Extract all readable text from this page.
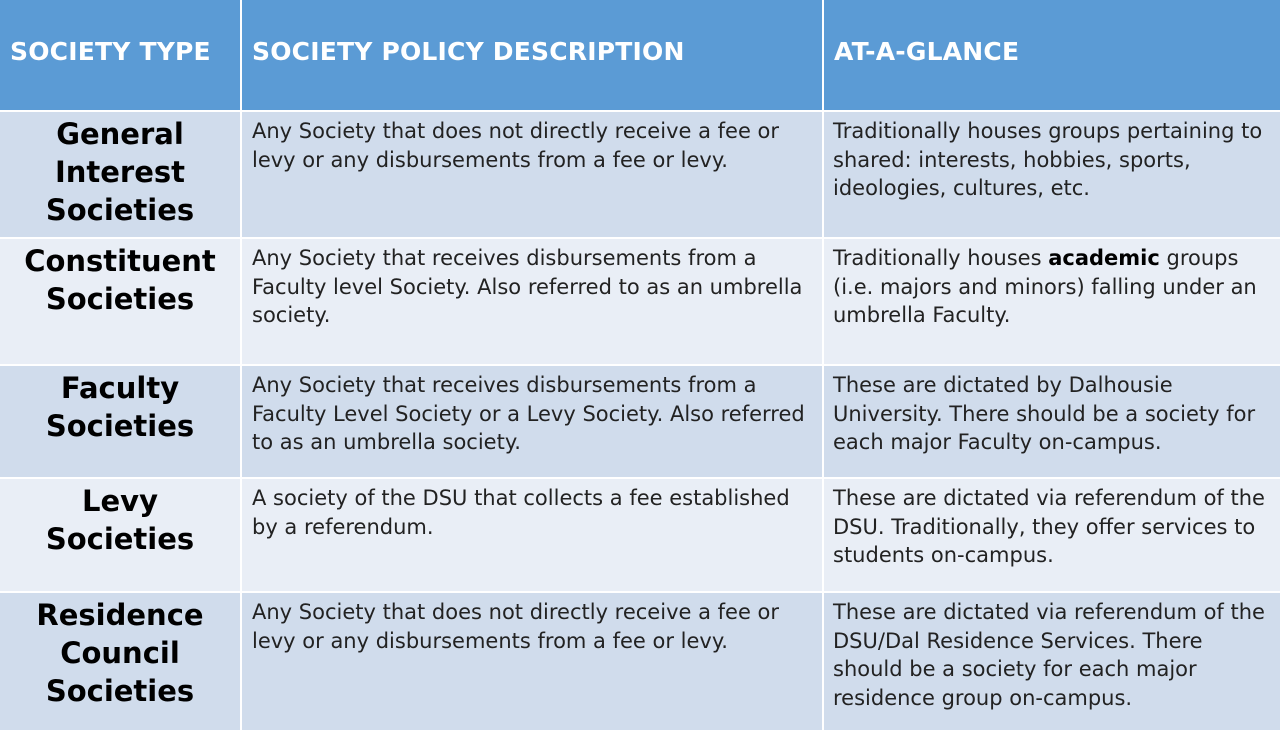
SOCIETY TYPE	SOCIETY POLICY DESCRIPTION	AT-A-GLANCE
General Interest Societies
Any Society that does not directly receive a fee or levy or any disbursements from a fee or levy.
Traditionally houses groups pertaining to shared: interests, hobbies, sports, ideologies, cultures, etc.
Constituent Societies
Any Society that receives disbursements from a Faculty level Society. Also referred to as an umbrella society.
Traditionally houses academic groups (i.e. majors and minors) falling under an umbrella Faculty.
Faculty Societies
Any Society that receives disbursements from a Faculty Level Society or a Levy Society. Also referred to as an umbrella society.
These are dictated by Dalhousie University. There should be a society for each major Faculty on-campus.
Levy Societies
A society of the DSU that collects a fee established by a referendum.
These are dictated via referendum of the DSU. Traditionally, they offer services to students on-campus.
Residence Council Societies
Any Society that does not directly receive a fee or levy or any disbursements from a fee or levy.
These are dictated via referendum of the DSU/Dal Residence Services. There should be a society for each major residence group on-campus.
